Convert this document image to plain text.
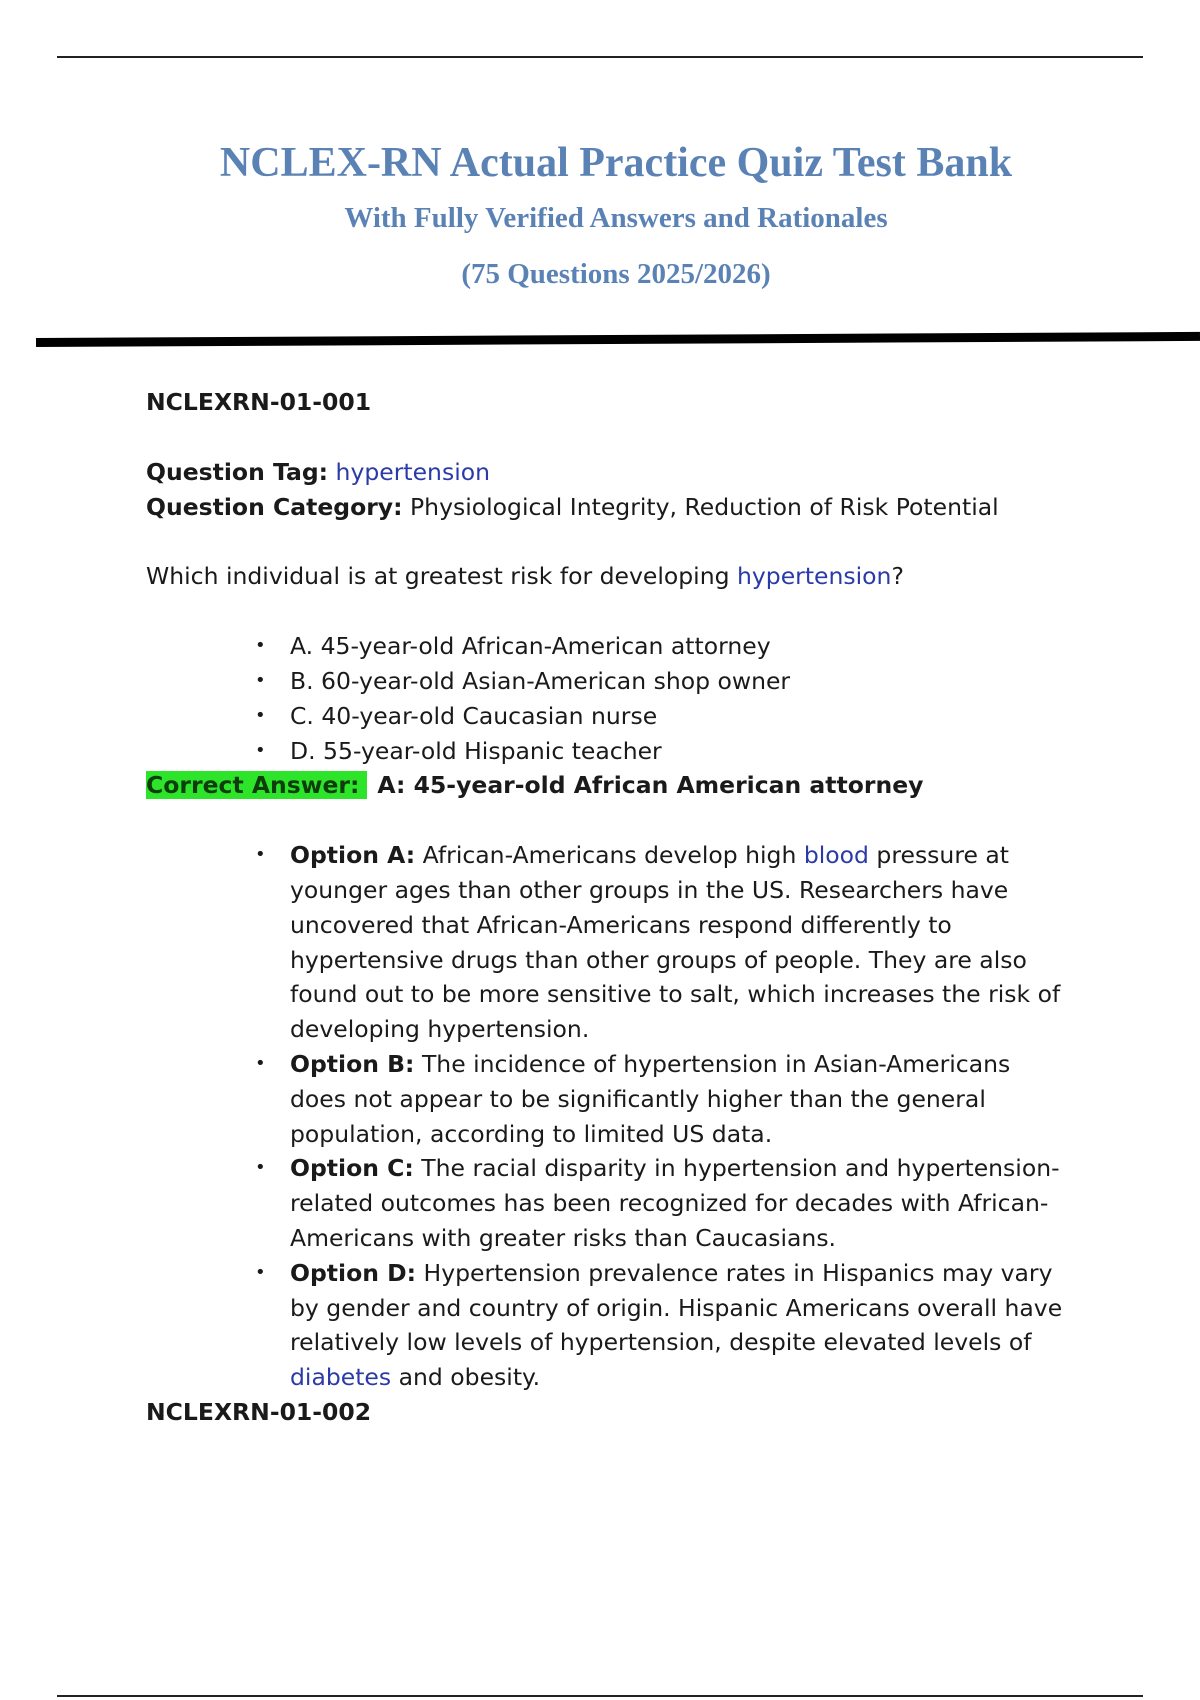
NCLEX-RN Actual Practice Quiz Test Bank

With Fully Verified Answers and Rationales

(75 Questions 2025/2026)

NCLEXRN-01-001

Question Tag: hypertension

Question Category: Physiological Integrity, Reduction of Risk Potential

Which individual is at greatest risk for developing hypertension?

• A. 45-year-old African-American attorney
• B. 60-year-old Asian-American shop owner
• C. 40-year-old Caucasian nurse
• D. 55-year-old Hispanic teacher

Correct Answer: A: 45-year-old African American attorney

• Option A: African-Americans develop high blood pressure at younger ages than other groups in the US. Researchers have uncovered that African-Americans respond differently to hypertensive drugs than other groups of people. They are also found out to be more sensitive to salt, which increases the risk of developing hypertension.
• Option B: The incidence of hypertension in Asian-Americans does not appear to be significantly higher than the general population, according to limited US data.
• Option C: The racial disparity in hypertension and hypertension-related outcomes has been recognized for decades with African-Americans with greater risks than Caucasians.
• Option D: Hypertension prevalence rates in Hispanics may vary by gender and country of origin. Hispanic Americans overall have relatively low levels of hypertension, despite elevated levels of diabetes and obesity.

NCLEXRN-01-002
